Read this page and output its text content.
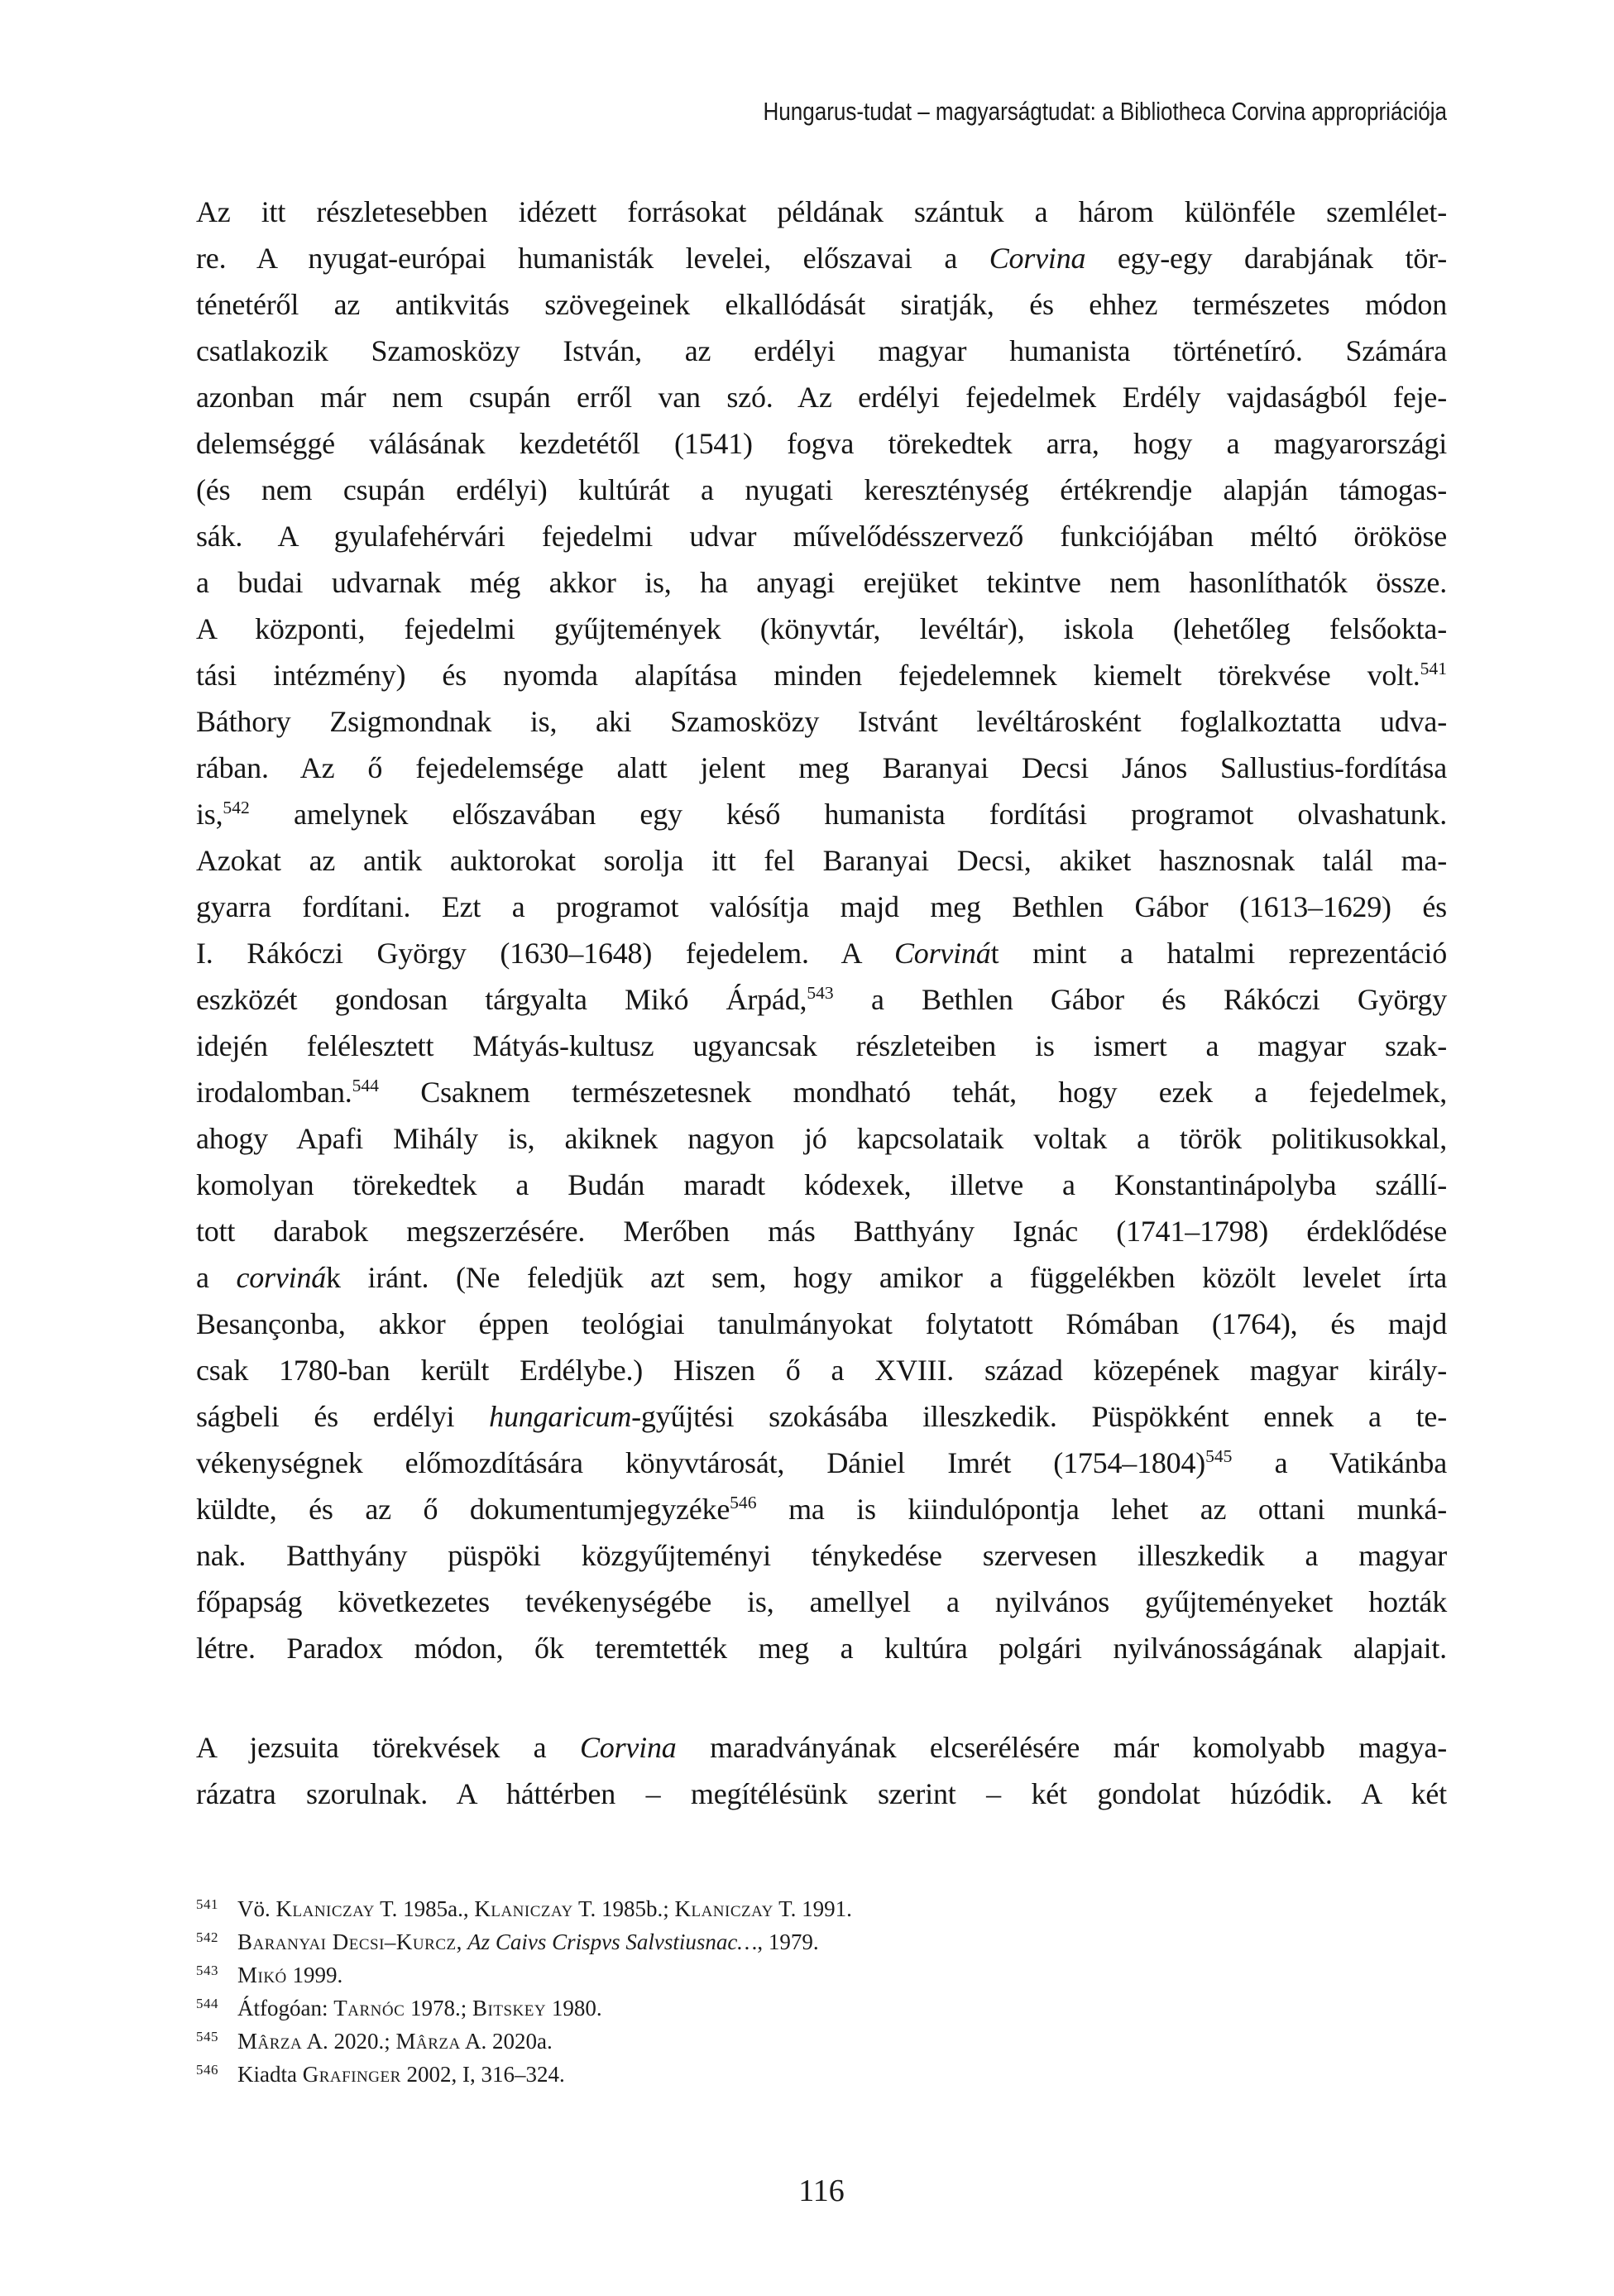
Hungarus-tudat – magyarságtudat: a Bibliotheca Corvina appropriációja
Az itt részletesebben idézett forrásokat példának szántuk a három különféle szemlélet-
re. A nyugat-európai humanisták levelei, előszavai a Corvina egy-egy darabjának tör-
ténetéről az antikvitás szövegeinek elkallódását siratják, és ehhez természetes módon
csatlakozik Szamosközy István, az erdélyi magyar humanista történetíró. Számára
azonban már nem csupán erről van szó. Az erdélyi fejedelmek Erdély vajdaságból feje-
delemséggé válásának kezdetétől (1541) fogva törekedtek arra, hogy a magyarországi
(és nem csupán erdélyi) kultúrát a nyugati kereszténység értékrendje alapján támogas-
sák. A gyulafehérvári fejedelmi udvar művelődésszervező funkciójában méltó örököse
a budai udvarnak még akkor is, ha anyagi erejüket tekintve nem hasonlíthatók össze.
A központi, fejedelmi gyűjtemények (könyvtár, levéltár), iskola (lehetőleg felsőokta-
tási intézmény) és nyomda alapítása minden fejedelemnek kiemelt törekvése volt.$^{541}$
Báthory Zsigmondnak is, aki Szamosközy Istvánt levéltárosként foglalkoztatta udva-
rában. Az ő fejedelemsége alatt jelent meg Baranyai Decsi János Sallustius-fordítása
is,$^{542}$ amelynek előszavában egy késő humanista fordítási programot olvashatunk.
Azokat az antik auktorokat sorolja itt fel Baranyai Decsi, akiket hasznosnak talál ma-
gyarra fordítani. Ezt a programot valósítja majd meg Bethlen Gábor (1613–1629) és
I. Rákóczi György (1630–1648) fejedelem. A Corvinát mint a hatalmi reprezentáció
eszközét gondosan tárgyalta Mikó Árpád,$^{543}$ a Bethlen Gábor és Rákóczi György
idején felélesztett Mátyás-kultusz ugyancsak részleteiben is ismert a magyar szak-
irodalomban.$^{544}$ Csaknem természetesnek mondható tehát, hogy ezek a fejedelmek,
ahogy Apafi Mihály is, akiknek nagyon jó kapcsolataik voltak a török politikusokkal,
komolyan törekedtek a Budán maradt kódexek, illetve a Konstantinápolyba szállí-
tott darabok megszerzésére. Merőben más Batthyány Ignác (1741–1798) érdeklődése
a corvinák iránt. (Ne feledjük azt sem, hogy amikor a függelékben közölt levelet írta
Besançonba, akkor éppen teológiai tanulmányokat folytatott Rómában (1764), és majd
csak 1780-ban került Erdélybe.) Hiszen ő a XVIII. század közepének magyar király-
ságbeli és erdélyi hungaricum-gyűjtési szokásába illeszkedik. Püspökként ennek a te-
vékenységnek előmozdítására könyvtárosát, Dániel Imrét (1754–1804)$^{545}$ a Vatikánba
küldte, és az ő dokumentumjegyzéke$^{546}$ ma is kiindulópontja lehet az ottani munká-
nak. Batthyány püspöki közgyűjteményi ténykedése szervesen illeszkedik a magyar
főpapság következetes tevékenységébe is, amellyel a nyilvános gyűjteményeket hozták
létre. Paradox módon, ők teremtették meg a kultúra polgári nyilvánosságának alapjait.
A jezsuita törekvések a Corvina maradványának elcserélésére már komolyabb magya-
rázatra szorulnak. A háttérben – megítélésünk szerint – két gondolat húzódik. A két
541 Vö. Klaniczay T. 1985a., Klaniczay T. 1985b.; Klaniczay T. 1991.
542 Baranyai Decsi–Kurcz, Az Caivs Crispvs Salvstiusnac…, 1979.
543 Mikó 1999.
544 Átfogóan: Tarnóc 1978.; Bitskey 1980.
545 Mârza A. 2020.; Mârza A. 2020a.
546 Kiadta Grafinger 2002, I, 316–324.
116
